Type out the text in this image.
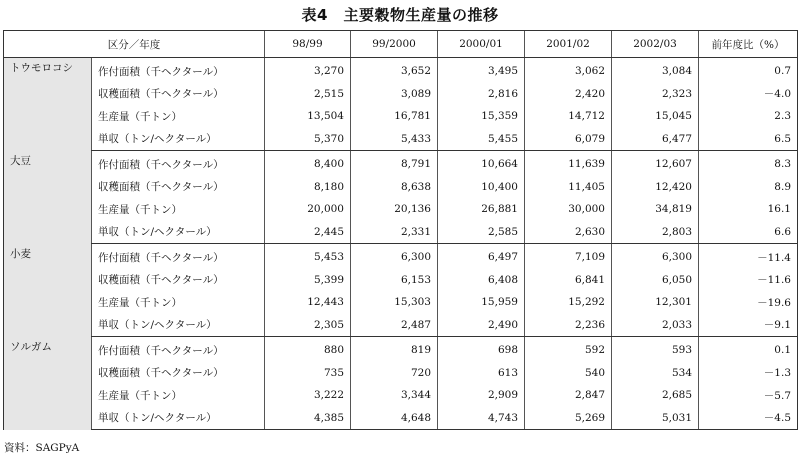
表4　主要穀物生産量の推移
区分／年度		98/99	99/2000	2000/01	2001/02	2002/03	前年度比（%）
トウモロコシ	作付面積（千ヘクタール）	3,270	3,652	3,495	3,062	3,084	0.7
	収穫面積（千ヘクタール）	2,515	3,089	2,816	2,420	2,323	－4.0
	生産量（千トン）	13,504	16,781	15,359	14,712	15,045	2.3
	単収（トン/ヘクタール）	5,370	5,433	5,455	6,079	6,477	6.5
大豆	作付面積（千ヘクタール）	8,400	8,791	10,664	11,639	12,607	8.3
	収穫面積（千ヘクタール）	8,180	8,638	10,400	11,405	12,420	8.9
	生産量（千トン）	20,000	20,136	26,881	30,000	34,819	16.1
	単収（トン/ヘクタール）	2,445	2,331	2,585	2,630	2,803	6.6
小麦	作付面積（千ヘクタール）	5,453	6,300	6,497	7,109	6,300	－11.4
	収穫面積（千ヘクタール）	5,399	6,153	6,408	6,841	6,050	－11.6
	生産量（千トン）	12,443	15,303	15,959	15,292	12,301	－19.6
	単収（トン/ヘクタール）	2,305	2,487	2,490	2,236	2,033	－9.1
ソルガム	作付面積（千ヘクタール）	880	819	698	592	593	0.1
	収穫面積（千ヘクタール）	735	720	613	540	534	－1.3
	生産量（千トン）	3,222	3,344	2,909	2,847	2,685	－5.7
	単収（トン/ヘクタール）	4,385	4,648	4,743	5,269	5,031	－4.5
資料：SAGPyA
